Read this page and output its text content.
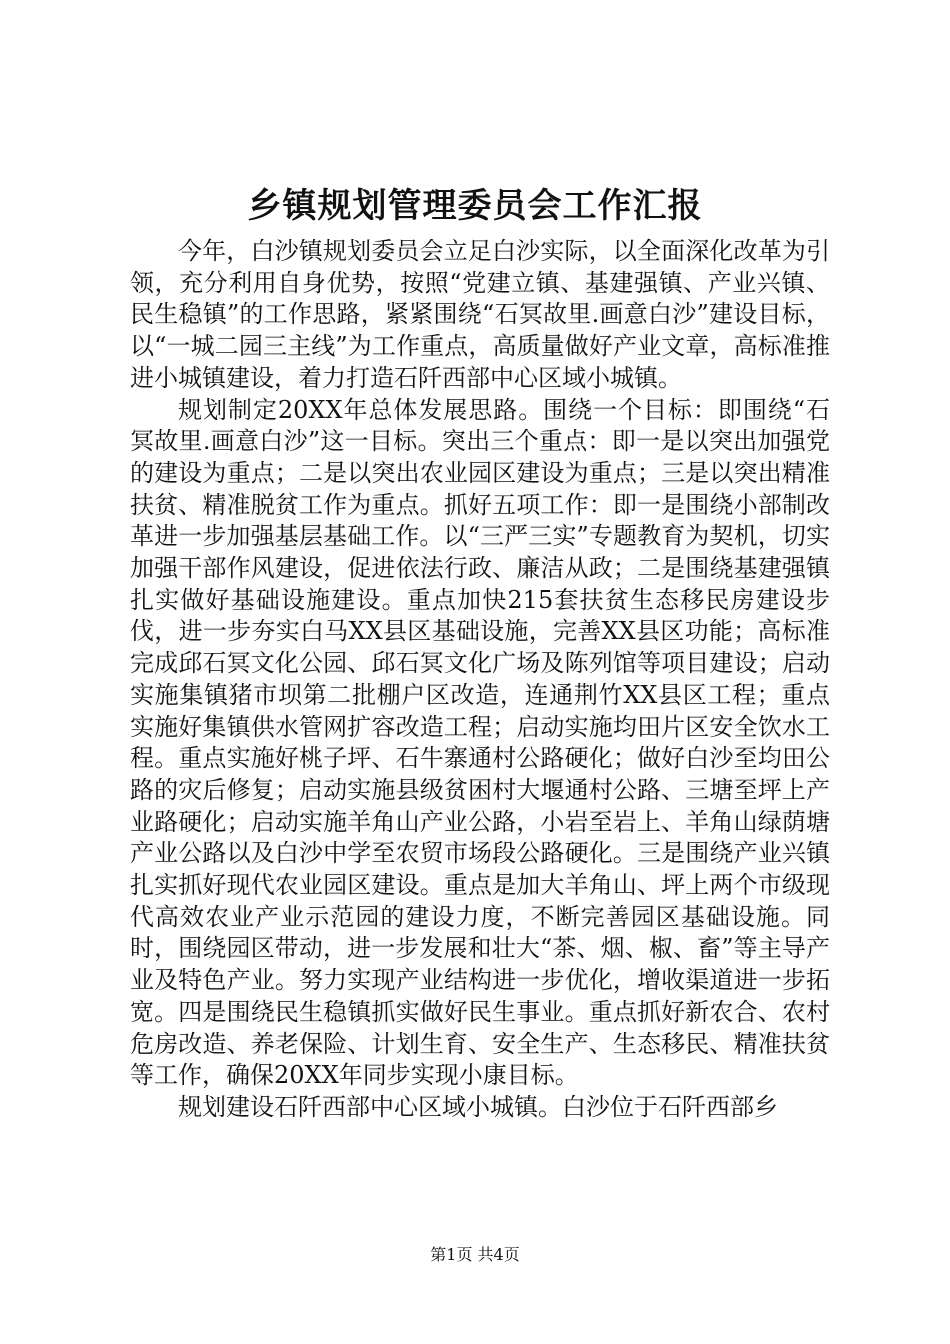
乡镇规划管理委员会工作汇报

今年，白沙镇规划委员会立足白沙实际，以全面深化改革为引领，充分利用自身优势，按照“党建立镇、基建强镇、产业兴镇、民生稳镇”的工作思路，紧紧围绕“石冥故里.画意白沙”建设目标，以“一城二园三主线”为工作重点，高质量做好产业文章，高标准推进小城镇建设，着力打造石阡西部中心区域小城镇。

规划制定20XX年总体发展思路。围绕一个目标：即围绕“石冥故里.画意白沙”这一目标。突出三个重点：即一是以突出加强党的建设为重点；二是以突出农业园区建设为重点；三是以突出精准扶贫、精准脱贫工作为重点。抓好五项工作：即一是围绕小部制改革进一步加强基层基础工作。以“三严三实”专题教育为契机，切实加强干部作风建设，促进依法行政、廉洁从政；二是围绕基建强镇扎实做好基础设施建设。重点加快215套扶贫生态移民房建设步伐，进一步夯实白马XX县区基础设施，完善XX县区功能；高标准完成邱石冥文化公园、邱石冥文化广场及陈列馆等项目建设；启动实施集镇猪市坝第二批棚户区改造，连通荆竹XX县区工程；重点实施好集镇供水管网扩容改造工程；启动实施均田片区安全饮水工程。重点实施好桃子坪、石牛寨通村公路硬化；做好白沙至均田公路的灾后修复；启动实施县级贫困村大堰通村公路、三塘至坪上产业路硬化；启动实施羊角山产业公路，小岩至岩上、羊角山绿荫塘产业公路以及白沙中学至农贸市场段公路硬化。三是围绕产业兴镇扎实抓好现代农业园区建设。重点是加大羊角山、坪上两个市级现代高效农业产业示范园的建设力度，不断完善园区基础设施。同时，围绕园区带动，进一步发展和壮大“茶、烟、椒、畜”等主导产业及特色产业。努力实现产业结构进一步优化，增收渠道进一步拓宽。四是围绕民生稳镇抓实做好民生事业。重点抓好新农合、农村危房改造、养老保险、计划生育、安全生产、生态移民、精准扶贫等工作，确保20XX年同步实现小康目标。

规划建设石阡西部中心区域小城镇。白沙位于石阡西部乡

第1页 共4页
